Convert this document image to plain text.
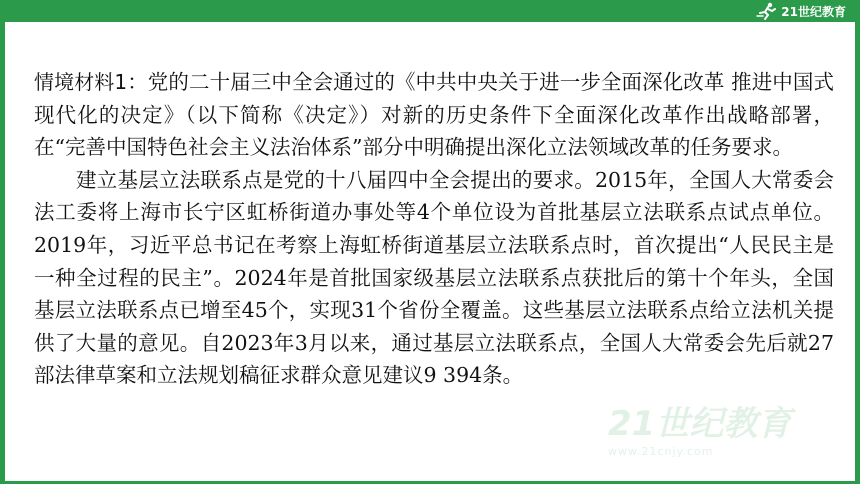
21世纪教育

情境材料1：党的二十届三中全会通过的《中共中央关于进一步全面深化改革 推进中国式现代化的决定》（以下简称《决定》）对新的历史条件下全面深化改革作出战略部署，在“完善中国特色社会主义法治体系”部分中明确提出深化立法领域改革的任务要求。

建立基层立法联系点是党的十八届四中全会提出的要求。2015年，全国人大常委会法工委将上海市长宁区虹桥街道办事处等4个单位设为首批基层立法联系点试点单位。2019年，习近平总书记在考察上海虹桥街道基层立法联系点时，首次提出“人民民主是一种全过程的民主”。2024年是首批国家级基层立法联系点获批后的第十个年头，全国基层立法联系点已增至45个，实现31个省份全覆盖。这些基层立法联系点给立法机关提供了大量的意见。自2023年3月以来，通过基层立法联系点，全国人大常委会先后就27部法律草案和立法规划稿征求群众意见建议9 394条。

21世纪教育
www.21cnjy.com
